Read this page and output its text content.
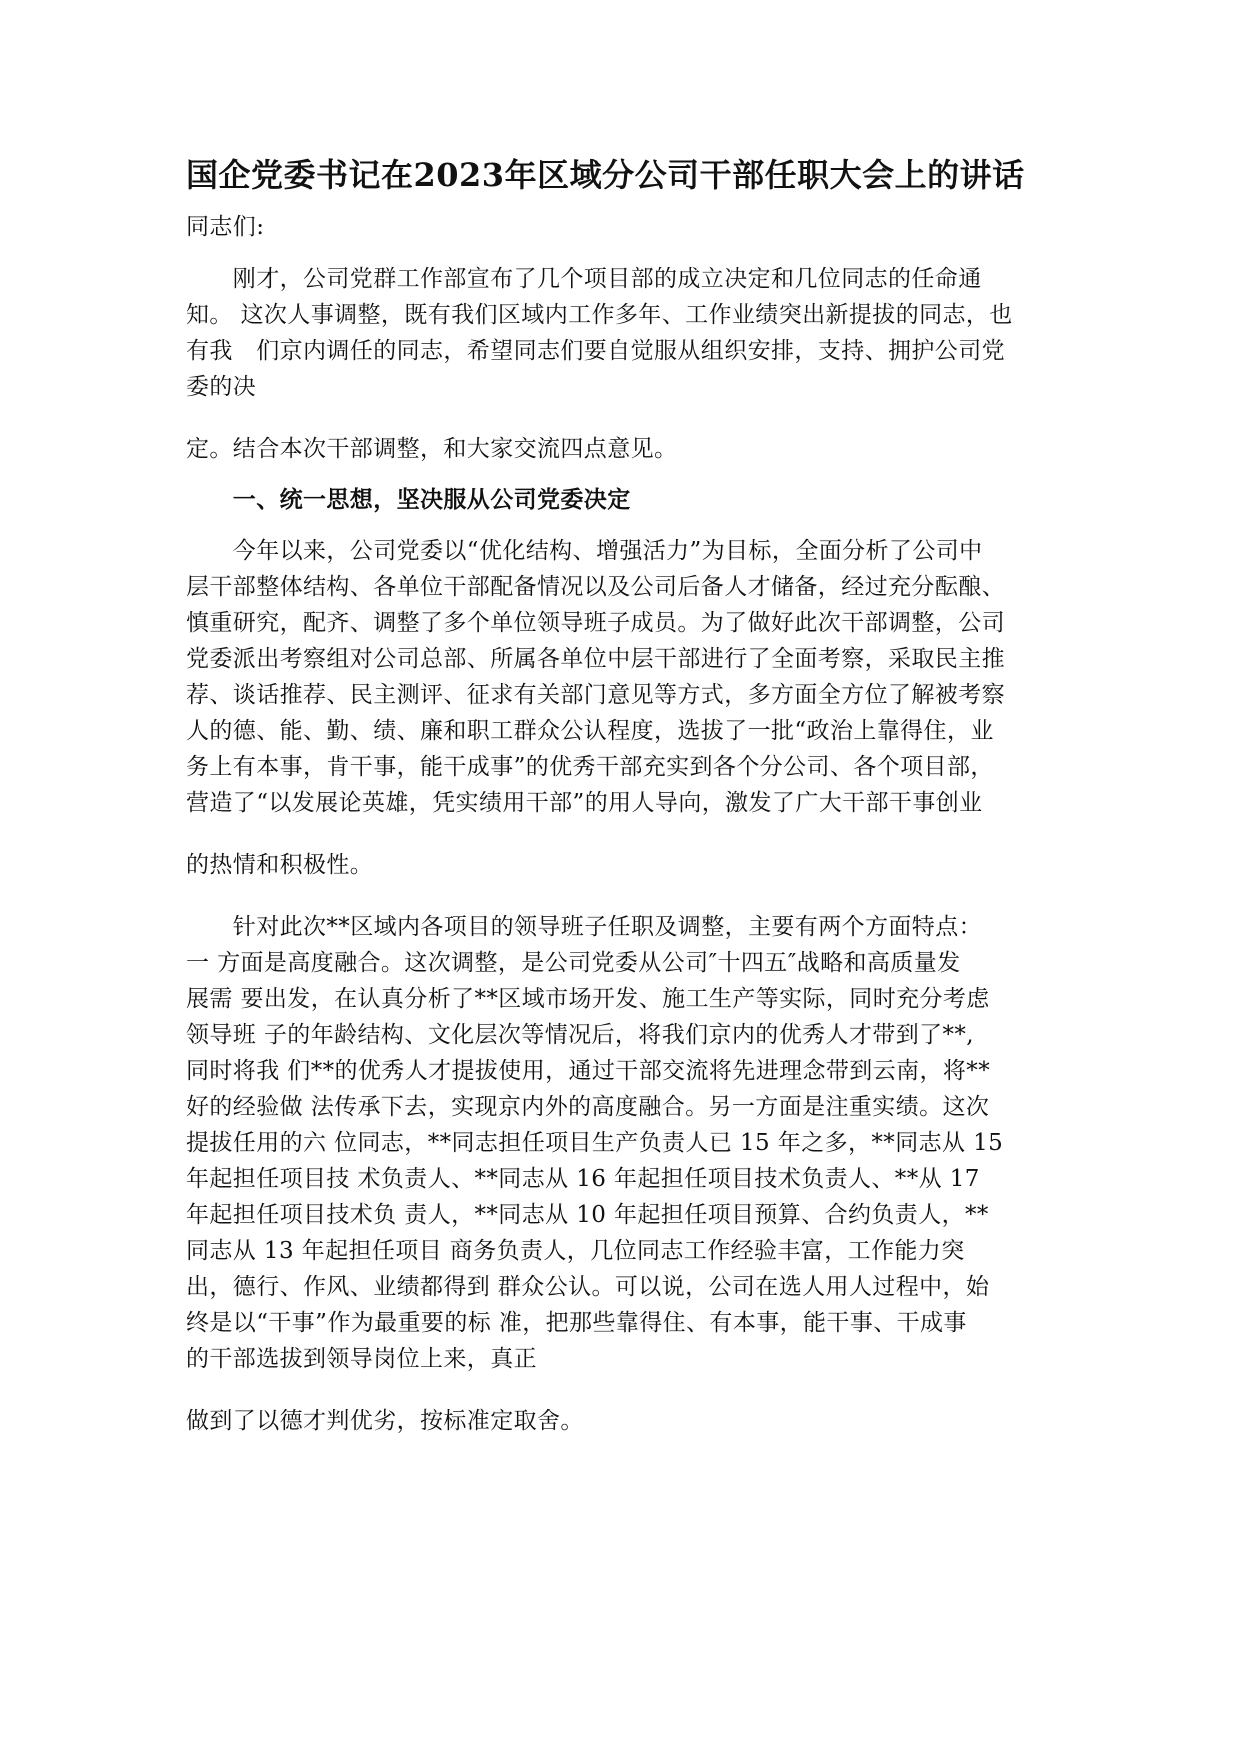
国企党委书记在2023年区域分公司干部任职大会上的讲话
同志们:
　　刚才，公司党群工作部宣布了几个项目部的成立决定和几位同志的任命通
知。 这次人事调整，既有我们区域内工作多年、工作业绩突出新提拔的同志，也
有我　们京内调任的同志，希望同志们要自觉服从组织安排，支持、拥护公司党
委的决
定。结合本次干部调整，和大家交流四点意见。
　　一、统一思想，坚决服从公司党委决定
　　今年以来，公司党委以“优化结构、增强活力”为目标，全面分析了公司中
层干部整体结构、各单位干部配备情况以及公司后备人才储备，经过充分酝酿、
慎重研究，配齐、调整了多个单位领导班子成员。为了做好此次干部调整，公司
党委派出考察组对公司总部、所属各单位中层干部进行了全面考察，采取民主推
荐、谈话推荐、民主测评、征求有关部门意见等方式，多方面全方位了解被考察
人的德、能、勤、绩、廉和职工群众公认程度，选拔了一批“政治上靠得住，业
务上有本事，肯干事，能干成事”的优秀干部充实到各个分公司、各个项目部，
营造了“以发展论英雄，凭实绩用干部”的用人导向，激发了广大干部干事创业
的热情和积极性。
　　针对此次**区域内各项目的领导班子任职及调整，主要有两个方面特点：
一 方面是高度融合。这次调整，是公司党委从公司″十四五″战略和高质量发
展需 要出发，在认真分析了**区域市场开发、施工生产等实际，同时充分考虑
领导班 子的年龄结构、文化层次等情况后，将我们京内的优秀人才带到了**,
同时将我 们**的优秀人才提拔使用，通过干部交流将先进理念带到云南，将**
好的经验做 法传承下去，实现京内外的高度融合。另一方面是注重实绩。这次
提拔任用的六 位同志，**同志担任项目生产负责人已 15 年之多，**同志从 15
年起担任项目技 术负责人、**同志从 16 年起担任项目技术负责人、**从 17
年起担任项目技术负 责人，**同志从 10 年起担任项目预算、合约负责人，**
同志从 13 年起担任项目 商务负责人，几位同志工作经验丰富，工作能力突
出，德行、作风、业绩都得到 群众公认。可以说，公司在选人用人过程中，始
终是以“干事”作为最重要的标 准，把那些靠得住、有本事，能干事、干成事
的干部选拔到领导岗位上来，真正
做到了以德才判优劣，按标准定取舍。
